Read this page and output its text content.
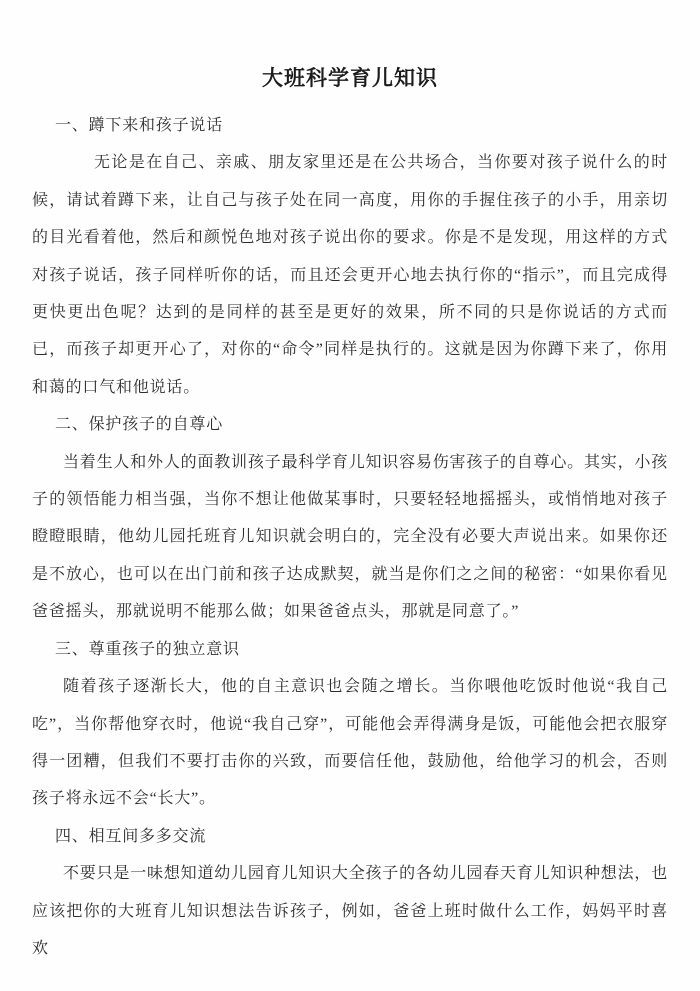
大班科学育儿知识
一、蹲下来和孩子说话

无论是在自己、亲戚、朋友家里还是在公共场合，当你要对孩子说什么的时候，请试着蹲下来，让自己与孩子处在同一高度，用你的手握住孩子的小手，用亲切的目光看着他，然后和颜悦色地对孩子说出你的要求。你是不是发现，用这样的方式对孩子说话，孩子同样听你的话，而且还会更开心地去执行你的“指示”，而且完成得更快更出色呢？达到的是同样的甚至是更好的效果，所不同的只是你说话的方式而已，而孩子却更开心了，对你的“命令”同样是执行的。这就是因为你蹲下来了，你用和蔼的口气和他说话。

二、保护孩子的自尊心

当着生人和外人的面教训孩子最科学育儿知识容易伤害孩子的自尊心。其实，小孩子的领悟能力相当强，当你不想让他做某事时，只要轻轻地摇摇头，或悄悄地对孩子瞪瞪眼睛，他幼儿园托班育儿知识就会明白的，完全没有必要大声说出来。如果你还是不放心，也可以在出门前和孩子达成默契，就当是你们之之间的秘密：“如果你看见爸爸摇头，那就说明不能那么做；如果爸爸点头，那就是同意了。”

三、尊重孩子的独立意识

随着孩子逐渐长大，他的自主意识也会随之增长。当你喂他吃饭时他说“我自己吃”，当你帮他穿衣时，他说“我自己穿”，可能他会弄得满身是饭，可能他会把衣服穿得一团糟，但我们不要打击你的兴致，而要信任他，鼓励他，给他学习的机会，否则孩子将永远不会“长大”。

四、相互间多多交流

不要只是一味想知道幼儿园育儿知识大全孩子的各幼儿园春天育儿知识种想法，也应该把你的大班育儿知识想法告诉孩子，例如，爸爸上班时做什么工作，妈妈平时喜欢
